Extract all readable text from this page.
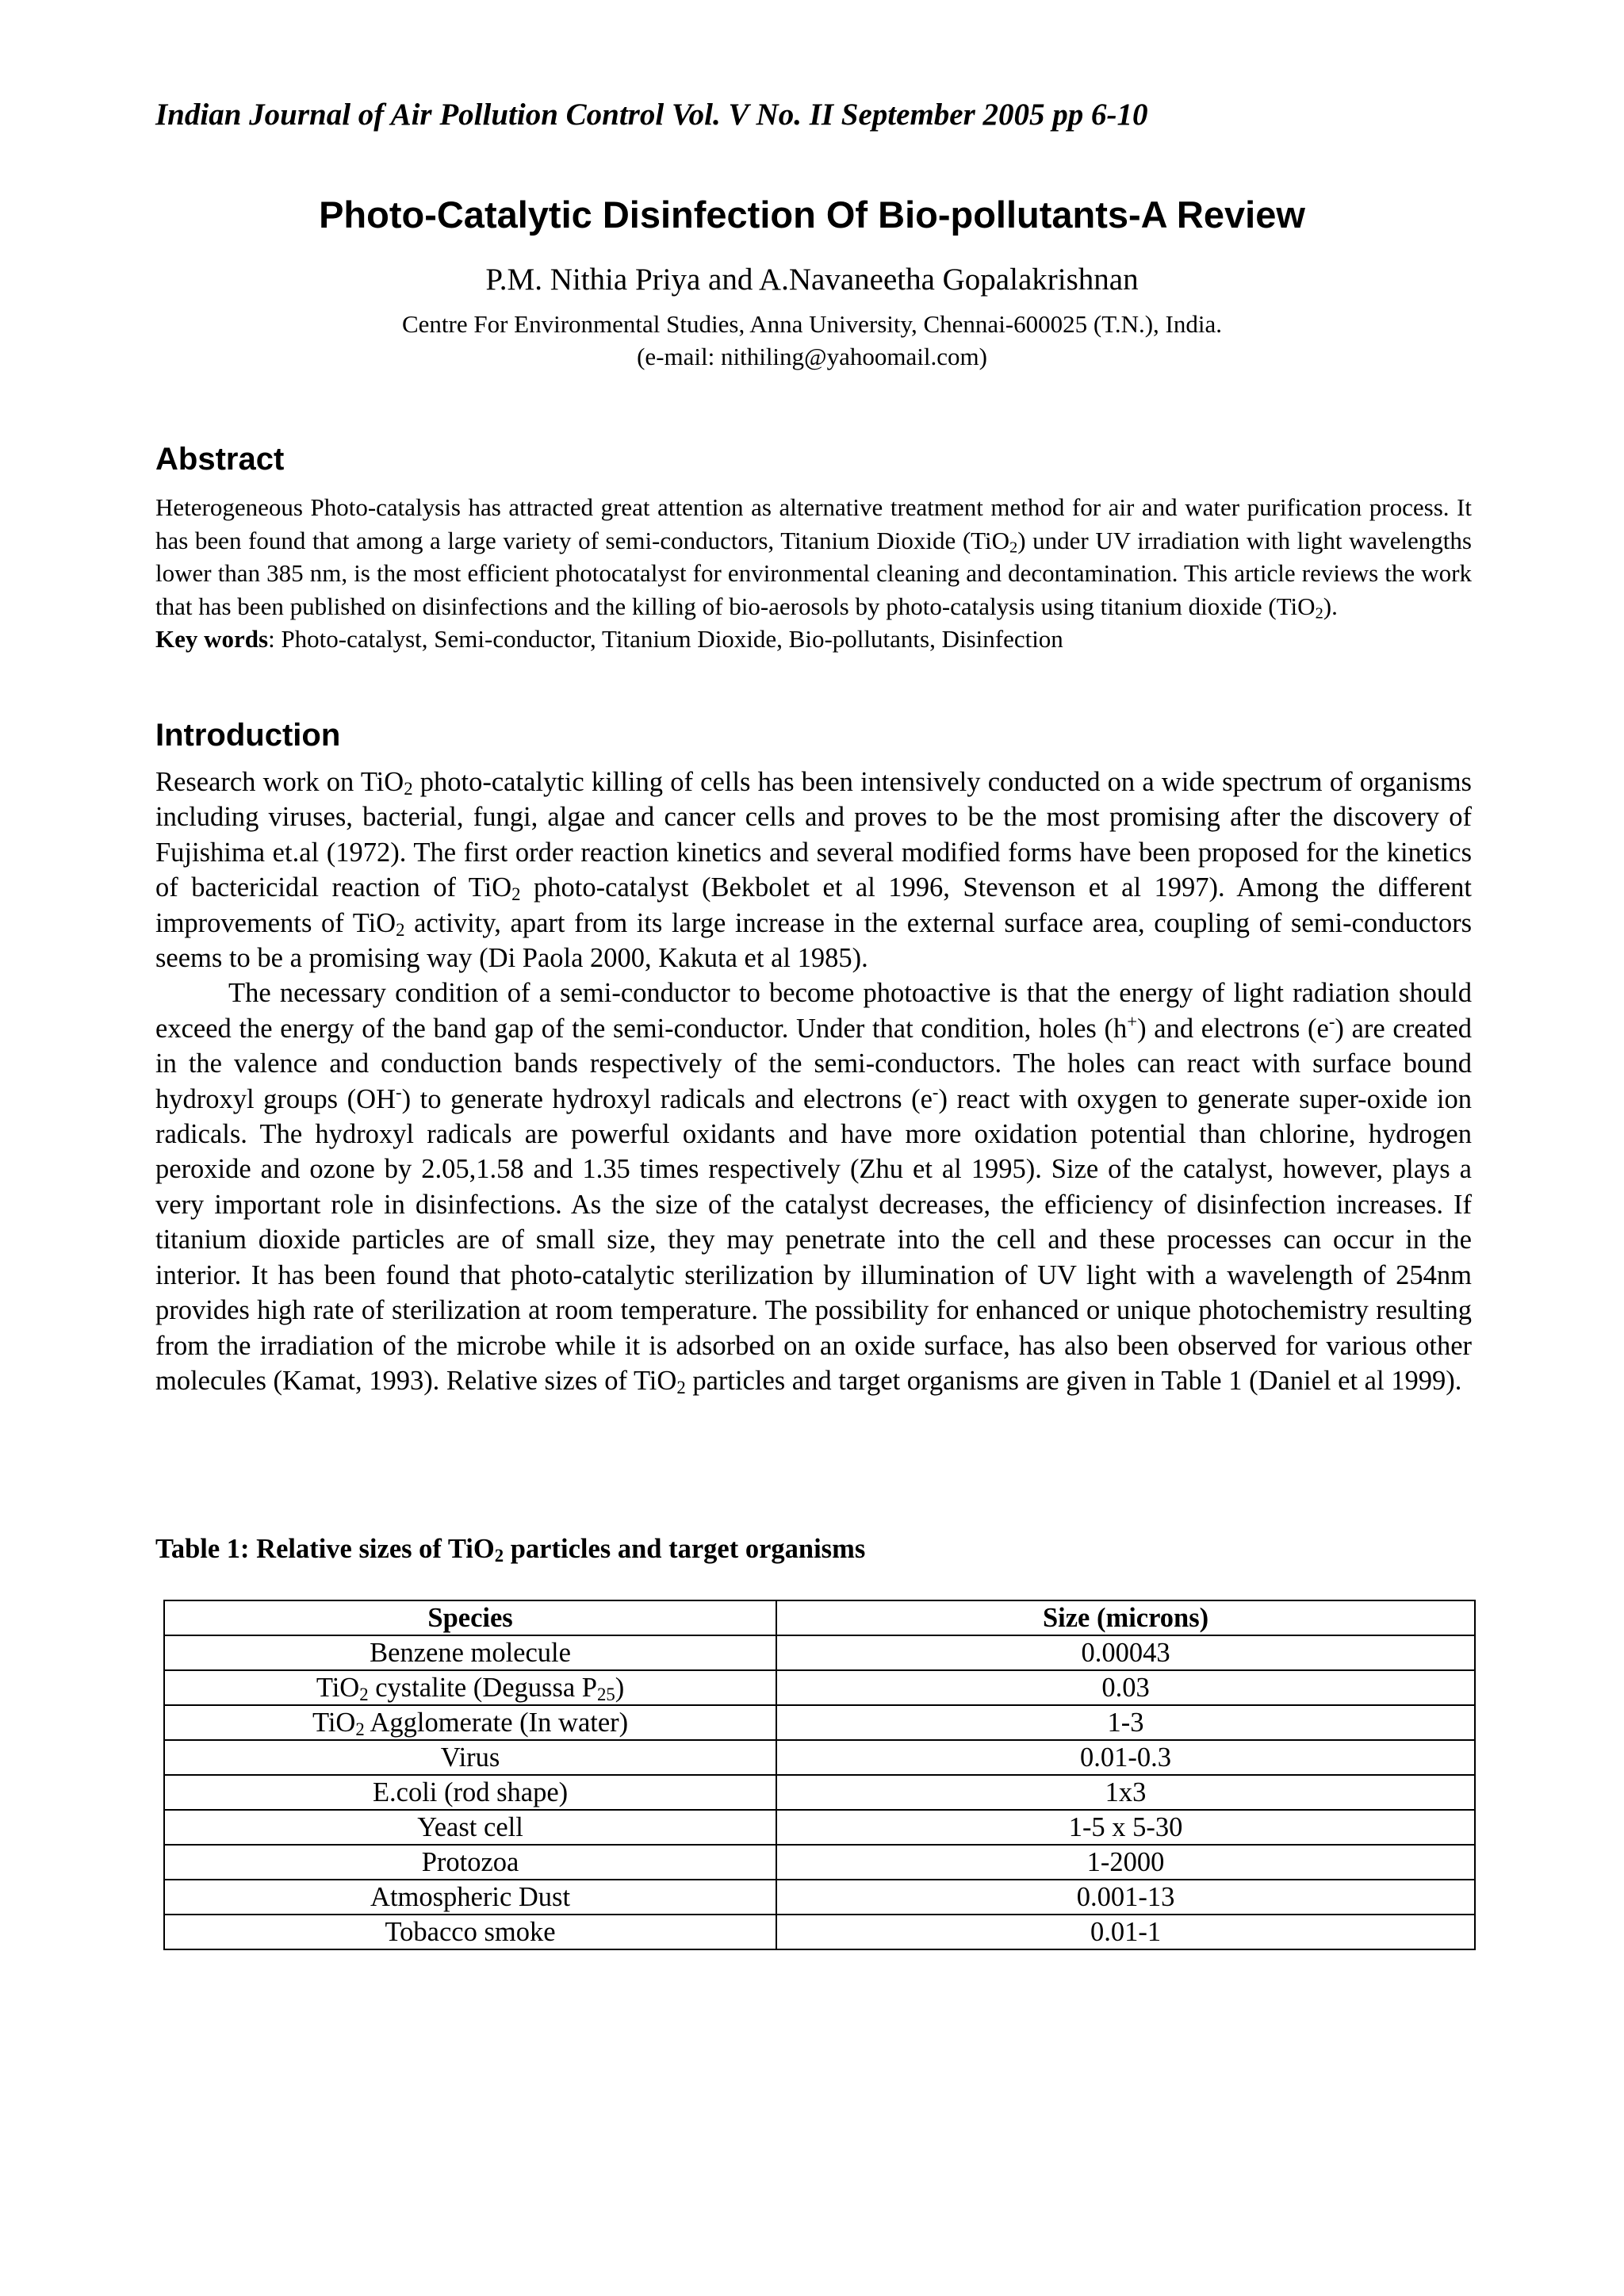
Indian Journal of Air Pollution Control Vol. V No. II September 2005 pp 6-10
Photo-Catalytic Disinfection Of Bio-pollutants-A Review
P.M. Nithia Priya and A.Navaneetha Gopalakrishnan
Centre For Environmental Studies, Anna University, Chennai-600025 (T.N.), India.
(e-mail: nithiling@yahoomail.com)
Abstract
Heterogeneous Photo-catalysis has attracted great attention as alternative treatment method for air and water purification process. It has been found that among a large variety of semi-conductors, Titanium Dioxide (TiO$_2$) under UV irradiation with light wavelengths lower than 385 nm, is the most efficient photocatalyst for environmental cleaning and decontamination. This article reviews the work that has been published on disinfections and the killing of bio-aerosols by photo-catalysis using titanium dioxide (TiO$_2$).
Key words: Photo-catalyst, Semi-conductor, Titanium Dioxide, Bio-pollutants, Disinfection
Introduction

Research work on TiO$_2$ photo-catalytic killing of cells has been intensively conducted on a wide spectrum of organisms including viruses, bacterial, fungi, algae and cancer cells and proves to be the most promising after the discovery of Fujishima et.al (1972). The first order reaction kinetics and several modified forms have been proposed for the kinetics of bactericidal reaction of TiO$_2$ photo-catalyst (Bekbolet et al 1996, Stevenson et al 1997). Among the different improvements of TiO$_2$ activity, apart from its large increase in the external surface area, coupling of semi-conductors seems to be a promising way (Di Paola 2000, Kakuta et al 1985).

The necessary condition of a semi-conductor to become photoactive is that the energy of light radiation should exceed the energy of the band gap of the semi-conductor. Under that condition, holes (h+) and electrons (e-) are created in the valence and conduction bands respectively of the semi-conductors. The holes can react with surface bound hydroxyl groups (OH-) to generate hydroxyl radicals and electrons (e-) react with oxygen to generate super-oxide ion radicals. The hydroxyl radicals are powerful oxidants and have more oxidation potential than chlorine, hydrogen peroxide and ozone by 2.05,1.58 and 1.35 times respectively (Zhu et al 1995). Size of the catalyst, however, plays a very important role in disinfections. As the size of the catalyst decreases, the efficiency of disinfection increases. If titanium dioxide particles are of small size, they may penetrate into the cell and these processes can occur in the interior. It has been found that photo-catalytic sterilization by illumination of UV light with a wavelength of 254nm provides high rate of sterilization at room temperature. The possibility for enhanced or unique photochemistry resulting from the irradiation of the microbe while it is adsorbed on an oxide surface, has also been observed for various other molecules (Kamat, 1993). Relative sizes of TiO$_2$ particles and target organisms are given in Table 1 (Daniel et al 1999).

Table 1: Relative sizes of TiO$_2$ particles and target organisms
Species	Size (microns)
Benzene molecule	0.00043
TiO$_2$ cystalite (Degussa $P_{25}$)	0.03
TiO$_2$ Agglomerate (In water)	1-3
Virus	0.01-0.3
E.coli (rod shape)	1x3
Yeast cell	1-5 x 5-30
Protozoa	1-2000
Atmospheric Dust	0.001-13
Tobacco smoke	0.01-1
